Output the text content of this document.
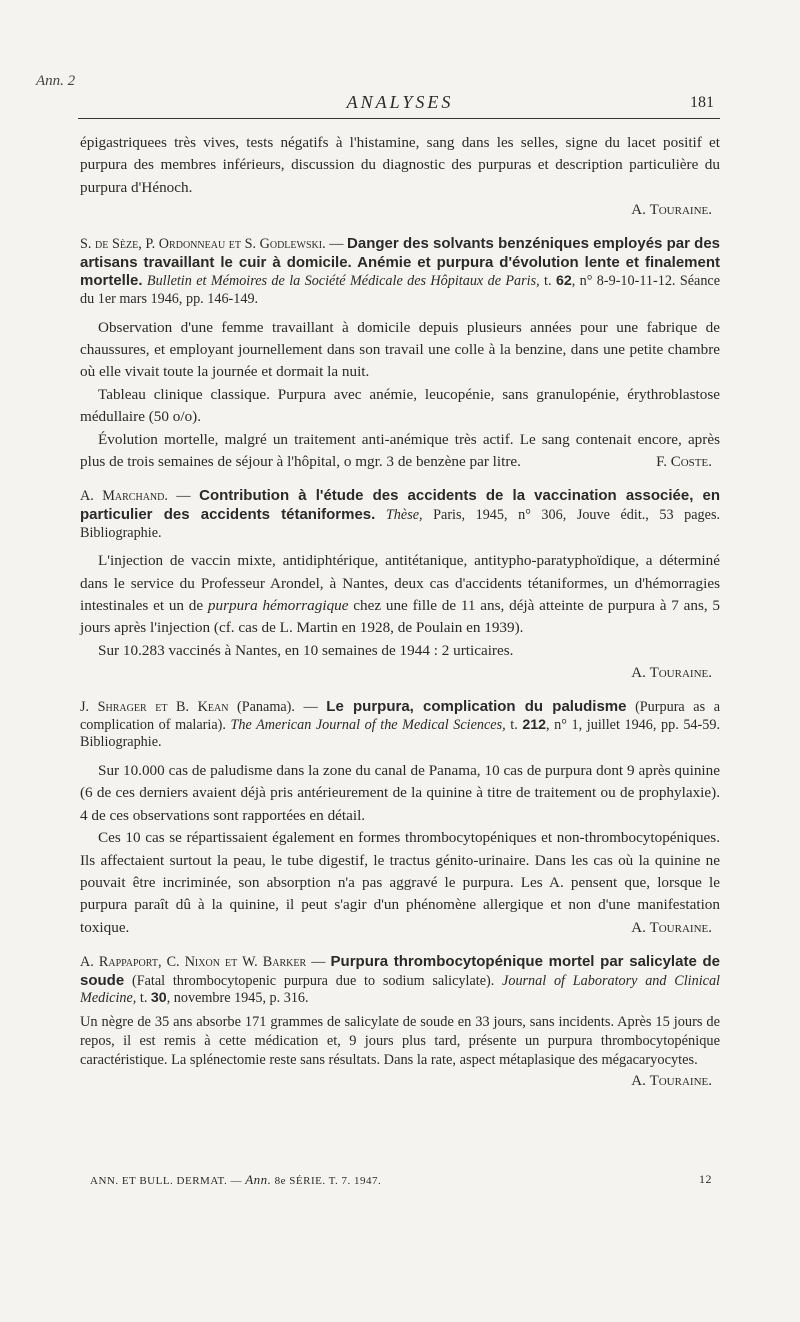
Ann. 2
ANALYSES	181

épigastriquees très vives, tests négatifs à l'histamine, sang dans les selles, signe du lacet positif et purpura des membres inférieurs, discussion du diagnostic des purpuras et description particulière du purpura d'Hénoch.

A. Touraine.
S. de Sèze, P. Ordonneau et S. Godlewski. — Danger des solvants benzéniques employés par des artisans travaillant le cuir à domicile. Anémie et purpura d'évolution lente et finalement mortelle. Bulletin et Mémoires de la Société Médicale des Hôpitaux de Paris, t. 62, n° 8-9-10-11-12. Séance du 1er mars 1946, pp. 146-149.

Observation d'une femme travaillant à domicile depuis plusieurs années pour une fabrique de chaussures, et employant journellement dans son travail une colle à la benzine, dans une petite chambre où elle vivait toute la journée et dormait la nuit.

Tableau clinique classique. Purpura avec anémie, leucopénie, sans granulopénie, érythroblastose médullaire (50 o/o).

Évolution mortelle, malgré un traitement anti-anémique très actif. Le sang contenait encore, après plus de trois semaines de séjour à l'hôpital, o mgr. 3 de benzène par litre.	F. Coste.
A. Marchand. — Contribution à l'étude des accidents de la vaccination associée, en particulier des accidents tétaniformes. Thèse, Paris, 1945, n° 306, Jouve édit., 53 pages. Bibliographie.

L'injection de vaccin mixte, antidiphtérique, antitétanique, antitypho-paratyphoïdique, a déterminé dans le service du Professeur Arondel, à Nantes, deux cas d'accidents tétaniformes, un d'hémorragies intestinales et un de purpura hémorragique chez une fille de 11 ans, déjà atteinte de purpura à 7 ans, 5 jours après l'injection (cf. cas de L. Martin en 1928, de Poulain en 1939).

Sur 10.283 vaccinés à Nantes, en 10 semaines de 1944 : 2 urticaires.

A. Touraine.
J. Shrager et B. Kean (Panama). — Le purpura, complication du paludisme (Purpura as a complication of malaria). The American Journal of the Medical Sciences, t. 212, n° 1, juillet 1946, pp. 54-59. Bibliographie.

Sur 10.000 cas de paludisme dans la zone du canal de Panama, 10 cas de purpura dont 9 après quinine (6 de ces derniers avaient déjà pris antérieurement de la quinine à titre de traitement ou de prophylaxie). 4 de ces observations sont rapportées en détail.

Ces 10 cas se répartissaient également en formes thrombocytopéniques et non-thrombocytopéniques. Ils affectaient surtout la peau, le tube digestif, le tractus génito-urinaire. Dans les cas où la quinine ne pouvait être incriminée, son absorption n'a pas aggravé le purpura. Les A. pensent que, lorsque le purpura paraît dû à la quinine, il peut s'agir d'un phénomène allergique et non d'une manifestation toxique.	A. Touraine.
A. Rappaport, C. Nixon et W. Barker — Purpura thrombocytopénique mortel par salicylate de soude (Fatal thrombocytopenic purpura due to sodium salicylate). Journal of Laboratory and Clinical Medicine, t. 30, novembre 1945, p. 316.

Un nègre de 35 ans absorbe 171 grammes de salicylate de soude en 33 jours, sans incidents. Après 15 jours de repos, il est remis à cette médication et, 9 jours plus tard, présente un purpura thrombocytopénique caractéristique. La splénectomie reste sans résultats. Dans la rate, aspect métaplasique des mégacaryocytes.

A. Touraine.
ANN. ET BULL. DERMAT. — Ann. 8e SÉRIE. T. 7. 1947.	12
